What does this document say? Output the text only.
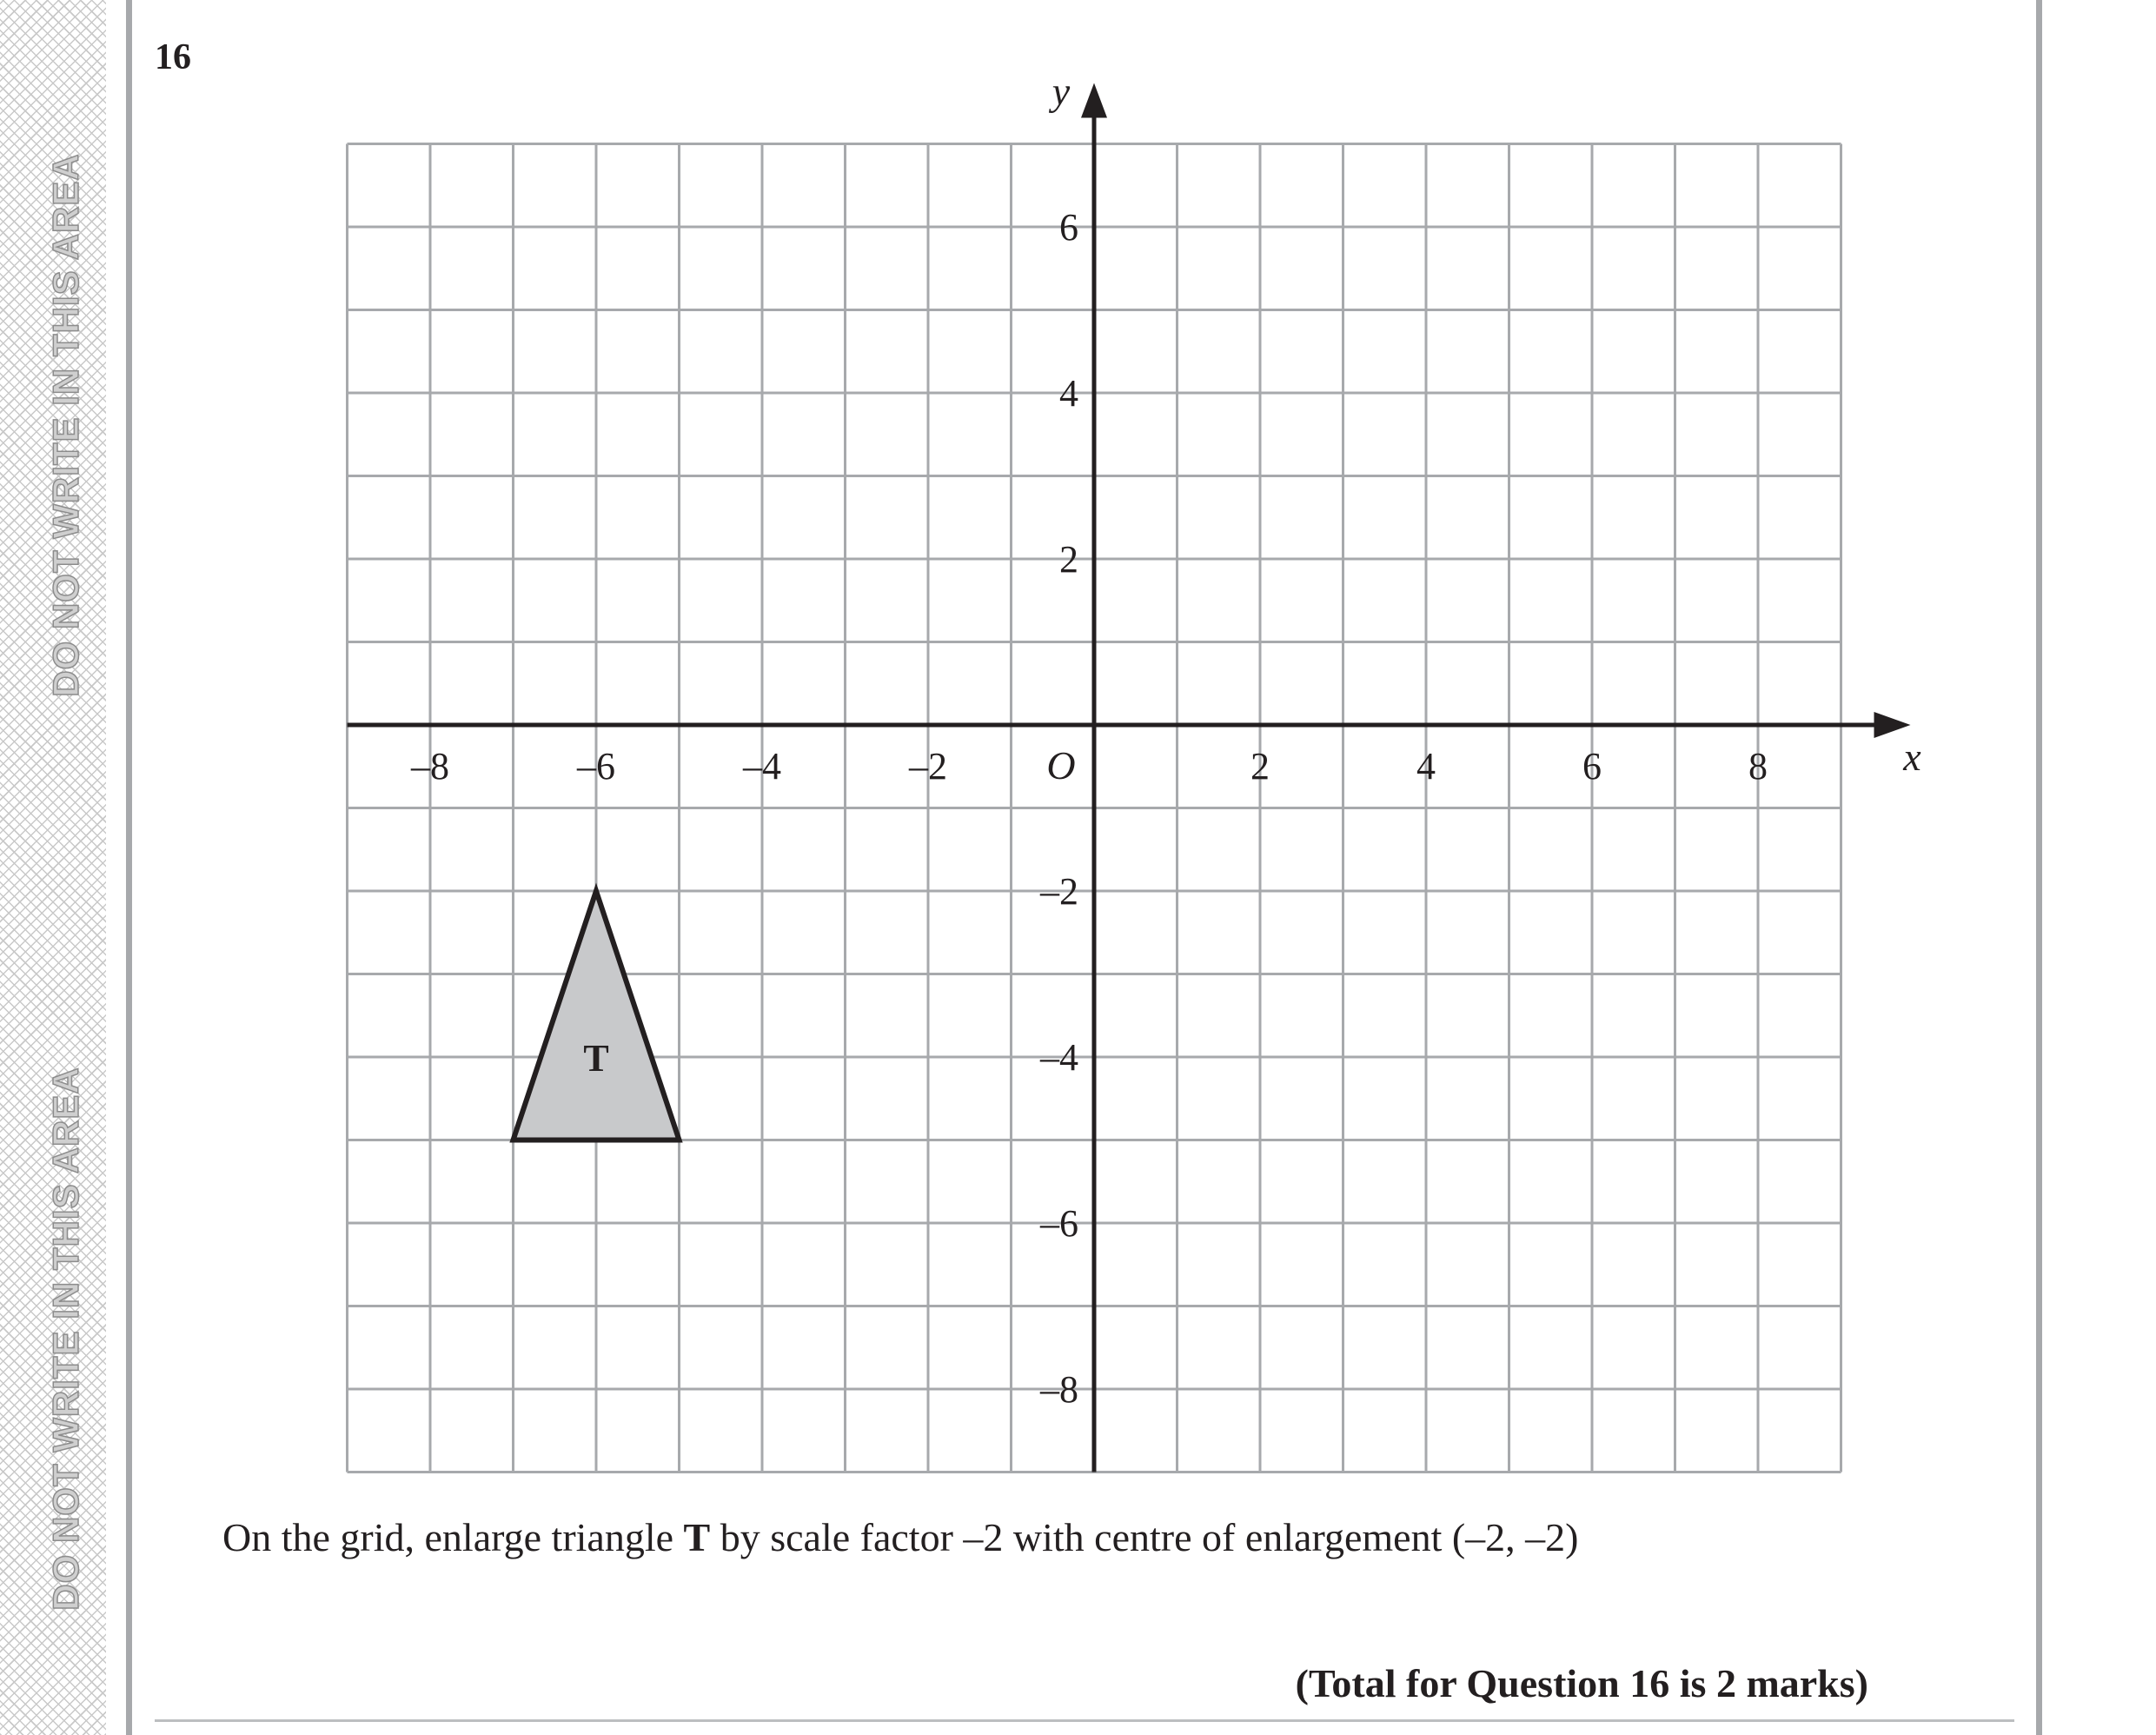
DO NOT WRITE IN THIS AREA
DO NOT WRITE IN THIS AREA
16
T
–8	–6	–4	–2	2	4	6	8
6
4
2
–2
–4
–6
–8
O	x
y
On the grid, enlarge triangle T by scale factor –2 with centre of enlargement (–2, –2)
(Total for Question 16 is 2 marks)
